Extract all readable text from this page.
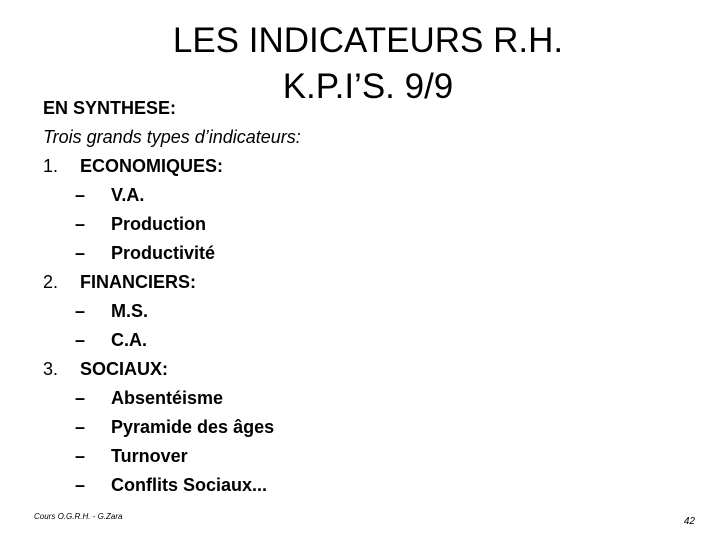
LES INDICATEURS R.H.
K.P.I’S. 9/9
EN SYNTHESE:
Trois grands types d’indicateurs:
1. ECONOMIQUES:
– V.A.
– Production
– Productivité
2. FINANCIERS:
– M.S.
– C.A.
3. SOCIAUX:
– Absentéisme
– Pyramide des âges
– Turnover
– Conflits Sociaux...
Cours O.G.R.H. - G.Zara	42
